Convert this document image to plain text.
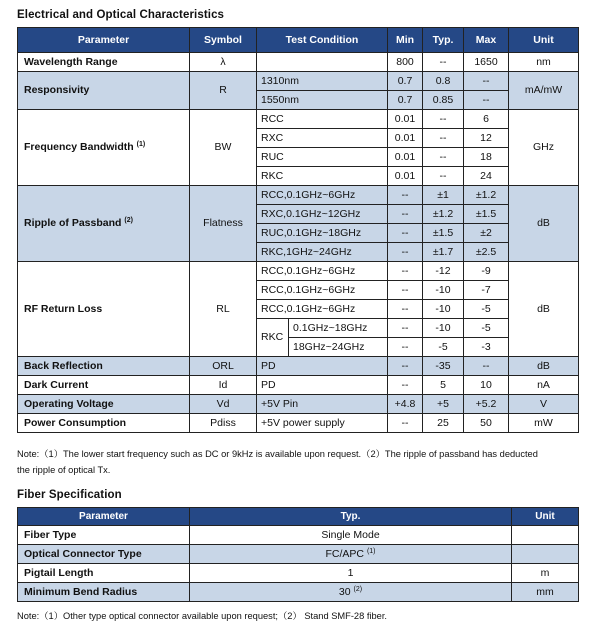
Electrical and Optical Characteristics
Parameter	Symbol	Test Condition		Min	Typ.	Max	Unit
Wavelength Range	λ			800	--	1650	nm
Responsivity	R	1310nm		0.7	0.8	--	mA/mW
		1550nm		0.7	0.85	--	
Frequency Bandwidth $^{(1)}$	BW	RCC		0.01	--	6	GHz
		RXC		0.01	--	12	
		RUC		0.01	--	18	
		RKC		0.01	--	24	
Ripple of Passband $^{(2)}$	Flatness	RCC,0.1GHz~6GHz		--	±1	±1.2	dB
		RXC,0.1GHz~12GHz		--	±1.2	±1.5	
		RUC,0.1GHz~18GHz		--	±1.5	±2	
		RKC,1GHz~24GHz		--	±1.7	±2.5	
RF Return Loss	RL	RCC,0.1GHz~6GHz		--	-12	-9	dB
		RCC,0.1GHz~6GHz		--	-10	-7	
		RCC,0.1GHz~6GHz		--	-10	-5	
		RKC	0.1GHz~18GHz	--	-10	-5	
			18GHz~24GHz	--	-5	-3	
Back Reflection	ORL	PD		--	-35	--	dB
Dark Current	Id	PD		--	5	10	nA
Operating Voltage	Vd	+5V Pin		+4.8	+5	+5.2	V
Power Consumption	Pdiss	+5V power supply		--	25	50	mW
Note:（1）The lower start frequency such as DC or 9kHz is available upon request.（2）The ripple of passband has deducted
the ripple of optical Tx.
Fiber Specification
Parameter	Typ.	Unit
Fiber Type	Single Mode	
Optical Connector Type	FC/APC $^{(1)}$	
Pigtail Length	1	m
Minimum Bend Radius	30 $^{(2)}$	mm
Note:（1）Other type optical connector available upon request;（2） Stand SMF-28 fiber.
